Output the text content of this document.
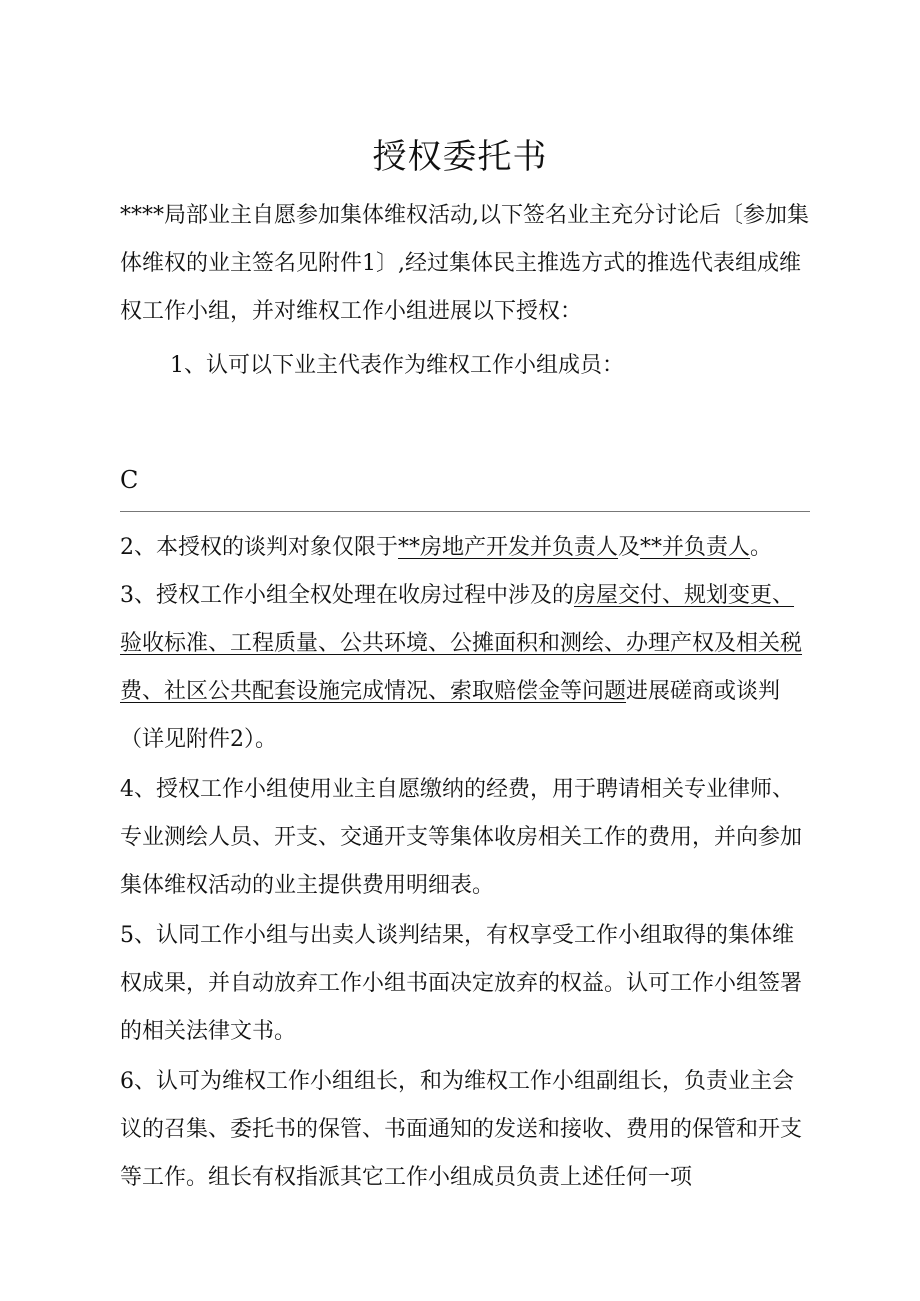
授权委托书

****局部业主自愿参加集体维权活动,以下签名业主充分讨论后〔参加集体维权的业主签名见附件1〕,经过集体民主推选方式的推选代表组成维权工作小组，并对维权工作小组进展以下授权：

1、认可以下业主代表作为维权工作小组成员：

C

2、本授权的谈判对象仅限于**房地产开发并负责人及**并负责人。

3、授权工作小组全权处理在收房过程中涉及的房屋交付、规划变更、验收标准、工程质量、公共环境、公摊面积和测绘、办理产权及相关税费、社区公共配套设施完成情况、索取赔偿金等问题进展磋商或谈判（详见附件2）。

4、授权工作小组使用业主自愿缴纳的经费，用于聘请相关专业律师、专业测绘人员、开支、交通开支等集体收房相关工作的费用，并向参加集体维权活动的业主提供费用明细表。

5、认同工作小组与出卖人谈判结果，有权享受工作小组取得的集体维权成果，并自动放弃工作小组书面决定放弃的权益。认可工作小组签署的相关法律文书。

6、认可为维权工作小组组长，和为维权工作小组副组长，负责业主会议的召集、委托书的保管、书面通知的发送和接收、费用的保管和开支等工作。组长有权指派其它工作小组成员负责上述任何一项
